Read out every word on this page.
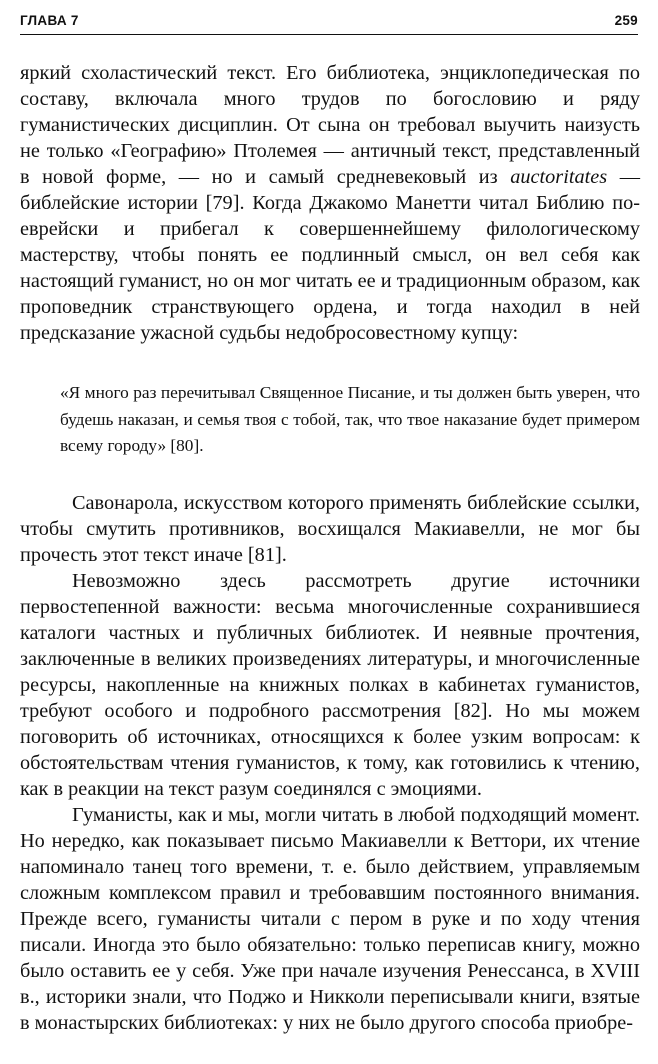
ГЛАВА 7	259

яркий схоластический текст. Его библиотека, энциклопедическая по составу, включала много трудов по богословию и ряду гуманистических дисциплин. От сына он требовал выучить наизусть не только «Географию» Птолемея — античный текст, представленный в новой форме, — но и самый средневековый из auctoritates — библейские истории [79]. Когда Джакомо Манетти читал Библию по-еврейски и прибегал к совершеннейшему филологическому мастерству, чтобы понять ее подлинный смысл, он вел себя как настоящий гуманист, но он мог читать ее и традиционным образом, как проповедник странствующего ордена, и тогда находил в ней предсказание ужасной судьбы недобросовестному купцу:

«Я много раз перечитывал Священное Писание, и ты должен быть уверен, что будешь наказан, и семья твоя с тобой, так, что твое наказание будет примером всему городу» [80].

Савонарола, искусством которого применять библейские ссылки, чтобы смутить противников, восхищался Макиавелли, не мог бы прочесть этот текст иначе [81].

Невозможно здесь рассмотреть другие источники первостепенной важности: весьма многочисленные сохранившиеся каталоги частных и публичных библиотек. И неявные прочтения, заключенные в великих произведениях литературы, и многочисленные ресурсы, накопленные на книжных полках в кабинетах гуманистов, требуют особого и подробного рассмотрения [82]. Но мы можем поговорить об источниках, относящихся к более узким вопросам: к обстоятельствам чтения гуманистов, к тому, как готовились к чтению, как в реакции на текст разум соединялся с эмоциями.

Гуманисты, как и мы, могли читать в любой подходящий момент. Но нередко, как показывает письмо Макиавелли к Веттори, их чтение напоминало танец того времени, т. е. было действием, управляемым сложным комплексом правил и требовавшим постоянного внимания. Прежде всего, гуманисты читали с пером в руке и по ходу чтения писали. Иногда это было обязательно: только переписав книгу, можно было оставить ее у себя. Уже при начале изучения Ренессанса, в XVIII в., историки знали, что Поджо и Никколи переписывали книги, взятые в монастырских библиотеках: у них не было другого способа приобре-
